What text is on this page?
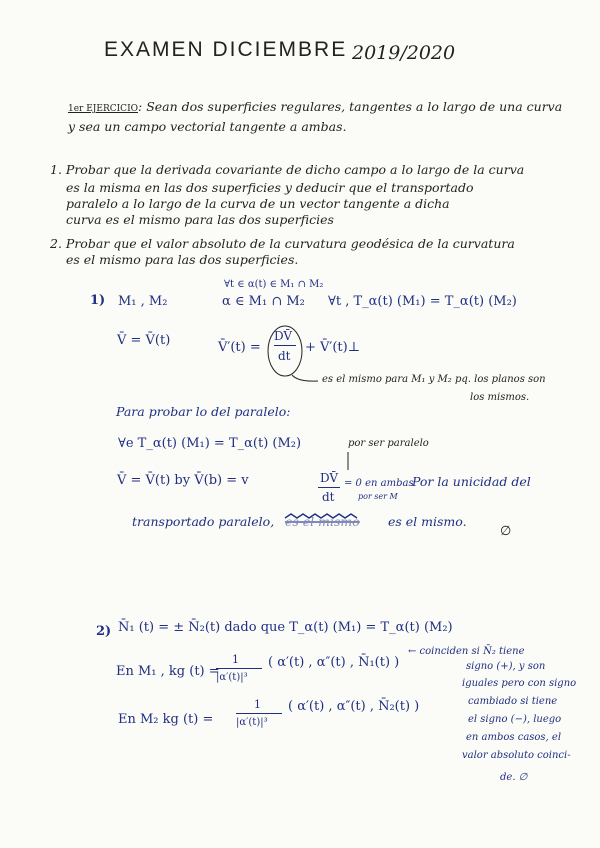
EXAMEN DICIEMBRE 2019/2020
1er EJERCICIO: Sean dos superficies regulares, tangentes a lo largo de una curva
y sea un campo vectorial tangente a ambas.
1. Probar que la derivada covariante de dicho campo a lo largo de la curva
es la misma en las dos superficies y deducir que el transportado
paralelo a lo largo de la curva de un vector tangente a dicha
curva es el mismo para las dos superficies
2. Probar que el valor absoluto de la curvatura geodésica de la curvatura
es el mismo para las dos superficies.
∀t ∈ α(t) ∈ M₁ ∩ M₂
1) M₁ , M₂	α ∈ M₁ ∩ M₂ ∀t , T_α(t) (M₁) = T_α(t) (M₂)
V̄ = V̄(t)	V̄′(t) =
DV̄
dt
+ V̄′(t)⊥
es el mismo para M₁ y M₂ pq. los planos son
los mismos.
Para probar lo del paralelo:
∀e T_α(t) (M₁) = T_α(t) (M₂)	por ser paralelo
V̄ = V̄(t) by V̄(b) = v	DV̄
dt
= 0 en ambas
por ser M
Por la unicidad del
transportado paralelo, es el mismo es el mismo.
∅
2) N̄₁ (t) = ± N̄₂(t) dado que T_α(t) (M₁) = T_α(t) (M₂)
En M₁ , kg (t) =
1
|α′(t)|³
( α′(t) , α″(t) , N̄₁(t) )
En M₂ kg (t) =
1
|α′(t)|³
( α′(t) , α″(t) , N̄₂(t) )
← coinciden si N̄₂ tiene
signo (+), y son
iguales pero con signo
cambiado si tiene
el signo (−), luego
en ambos casos, el
valor absoluto coinci-
de. ∅
